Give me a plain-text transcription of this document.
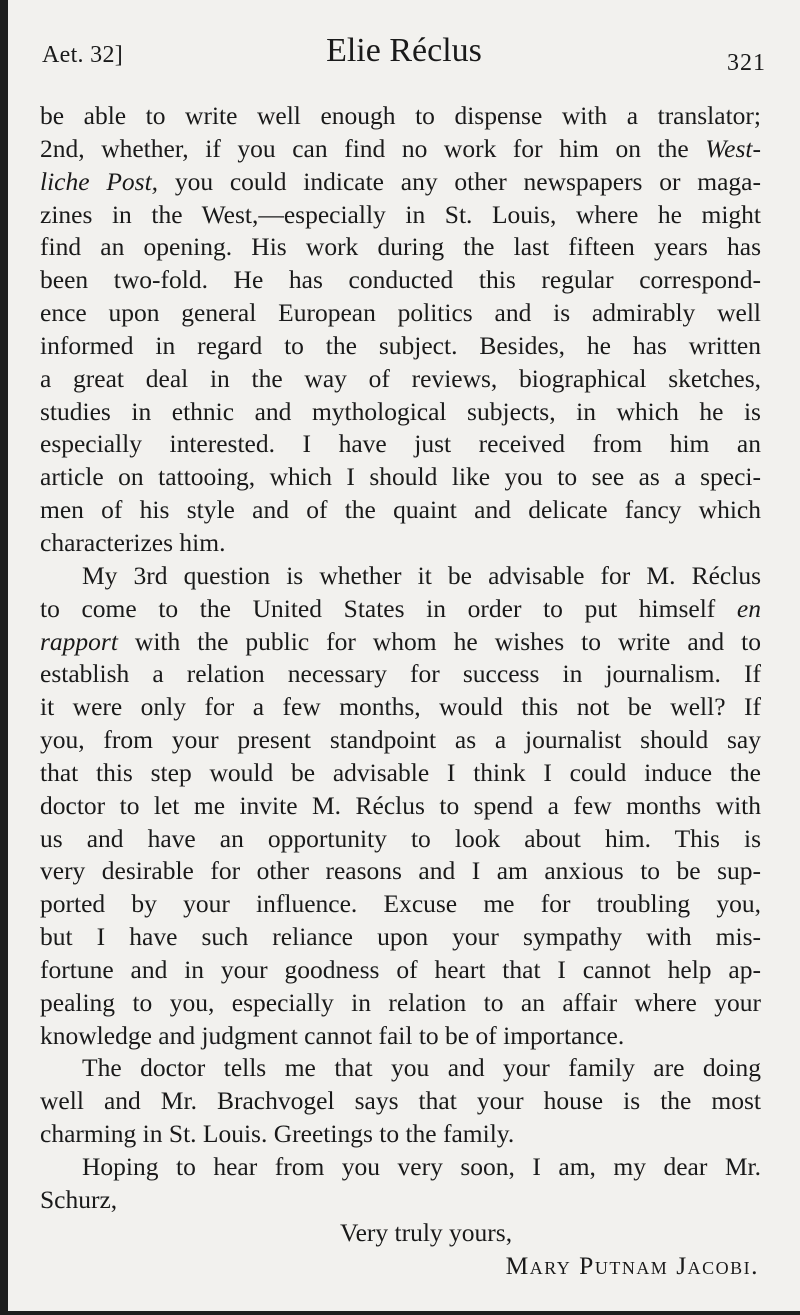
Aet. 32]	Elie Réclus	321
be able to write well enough to dispense with a translator;
2nd, whether, if you can find no work for him on the West-
liche Post, you could indicate any other newspapers or maga-
zines in the West,—especially in St. Louis, where he might
find an opening. His work during the last fifteen years has
been two-fold. He has conducted this regular correspond-
ence upon general European politics and is admirably well
informed in regard to the subject. Besides, he has written
a great deal in the way of reviews, biographical sketches,
studies in ethnic and mythological subjects, in which he is
especially interested. I have just received from him an
article on tattooing, which I should like you to see as a speci-
men of his style and of the quaint and delicate fancy which
characterizes him.
My 3rd question is whether it be advisable for M. Réclus
to come to the United States in order to put himself en
rapport with the public for whom he wishes to write and to
establish a relation necessary for success in journalism. If
it were only for a few months, would this not be well? If
you, from your present standpoint as a journalist should say
that this step would be advisable I think I could induce the
doctor to let me invite M. Réclus to spend a few months with
us and have an opportunity to look about him. This is
very desirable for other reasons and I am anxious to be sup-
ported by your influence. Excuse me for troubling you,
but I have such reliance upon your sympathy with mis-
fortune and in your goodness of heart that I cannot help ap-
pealing to you, especially in relation to an affair where your
knowledge and judgment cannot fail to be of importance.
The doctor tells me that you and your family are doing
well and Mr. Brachvogel says that your house is the most
charming in St. Louis. Greetings to the family.
Hoping to hear from you very soon, I am, my dear Mr.
Schurz,
Very truly yours,
Mary Putnam Jacobi.
